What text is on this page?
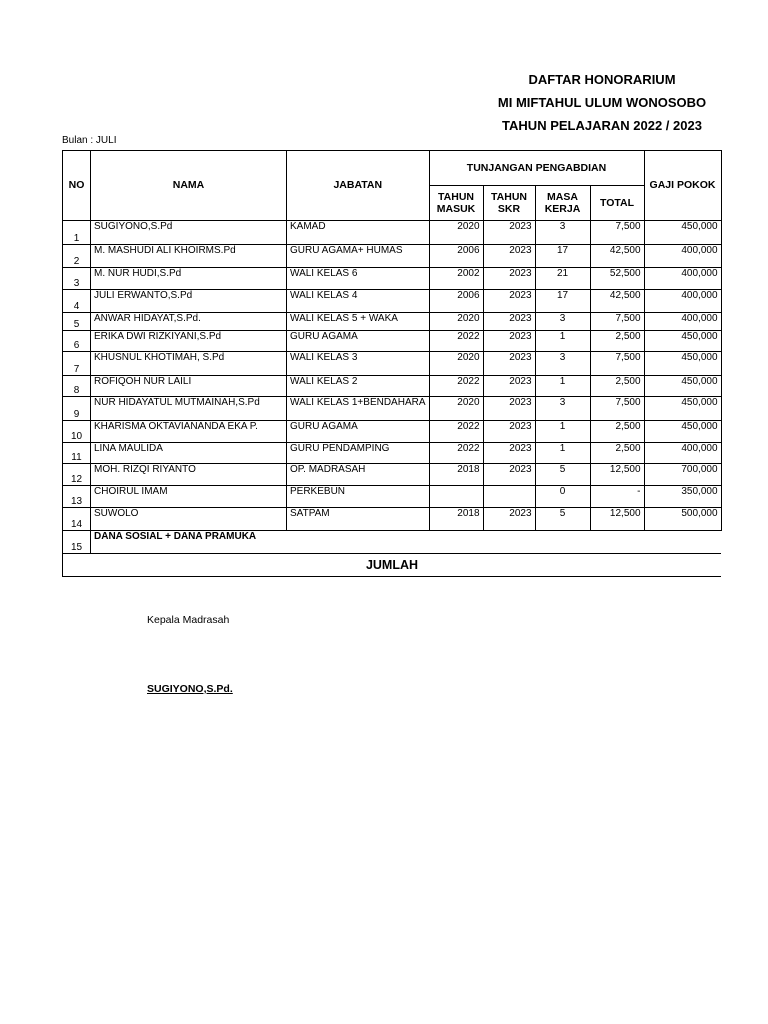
DAFTAR HONORARIUM
MI MIFTAHUL ULUM WONOSOBO
TAHUN PELAJARAN 2022 / 2023
Bulan : JULI
NO	NAMA	JABATAN	TUNJANGAN PENGABDIAN				GAJI POKOK
			TAHUN MASUK	TAHUN SKR	MASA KERJA	TOTAL	
1	SUGIYONO,S.Pd	KAMAD	2020	2023	3	7,500	450,000
2	M. MASHUDI ALI KHOIRMS.Pd	GURU AGAMA+ HUMAS	2006	2023	17	42,500	400,000
3	M. NUR HUDI,S.Pd	WALI KELAS 6	2002	2023	21	52,500	400,000
4	JULI ERWANTO,S.Pd	WALI KELAS 4	2006	2023	17	42,500	400,000
5	ANWAR HIDAYAT,S.Pd.	WALI KELAS 5 + WAKA	2020	2023	3	7,500	400,000
6	ERIKA DWI RIZKIYANI,S.Pd	GURU AGAMA	2022	2023	1	2,500	450,000
7	KHUSNUL KHOTIMAH, S.Pd	WALI KELAS 3	2020	2023	3	7,500	450,000
8	ROFIQOH NUR LAILI	WALI KELAS 2	2022	2023	1	2,500	450,000
9	NUR HIDAYATUL MUTMAINAH,S.Pd	WALI KELAS 1+BENDAHARA	2020	2023	3	7,500	450,000
10	KHARISMA OKTAVIANANDA EKA P.	GURU AGAMA	2022	2023	1	2,500	450,000
11	LINA MAULIDA	GURU PENDAMPING	2022	2023	1	2,500	400,000
12	MOH. RIZQI RIYANTO	OP. MADRASAH	2018	2023	5	12,500	700,000
13	CHOIRUL IMAM	PERKEBUN			0	-	350,000
14	SUWOLO	SATPAM	2018	2023	5	12,500	500,000
15	DANA SOSIAL + DANA PRAMUKA						
JUMLAH							
Kepala Madrasah
SUGIYONO,S.Pd.
